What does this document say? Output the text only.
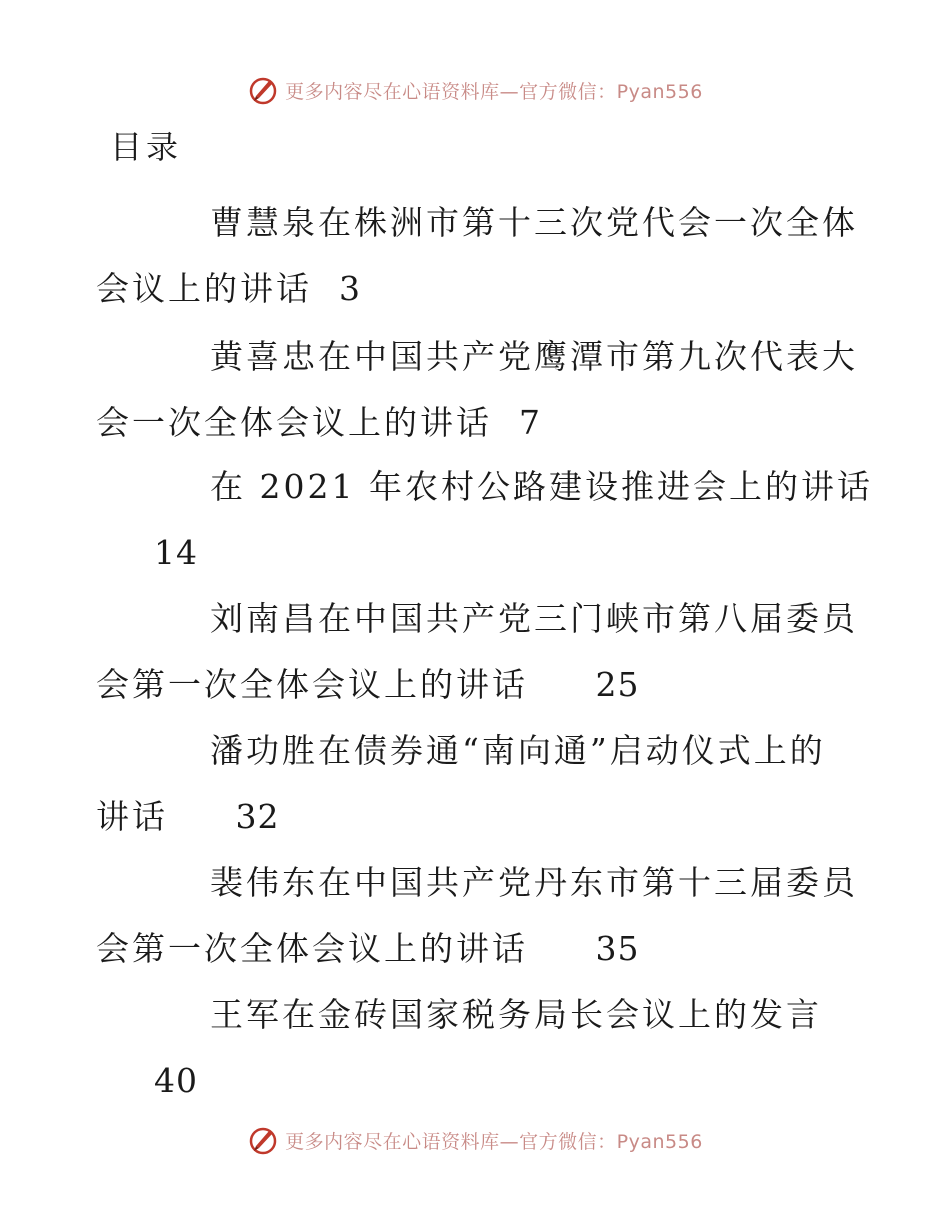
更多内容尽在心语资料库—官方微信：Pyan556
目录
曹慧泉在株洲市第十三次党代会一次全体
会议上的讲话 3
黄喜忠在中国共产党鹰潭市第九次代表大
会一次全体会议上的讲话 7
在 2021 年农村公路建设推进会上的讲话
14
刘南昌在中国共产党三门峡市第八届委员
会第一次全体会议上的讲话 25
潘功胜在债券通“南向通”启动仪式上的
讲话 32
裴伟东在中国共产党丹东市第十三届委员
会第一次全体会议上的讲话 35
王军在金砖国家税务局长会议上的发言
40
更多内容尽在心语资料库—官方微信：Pyan556
